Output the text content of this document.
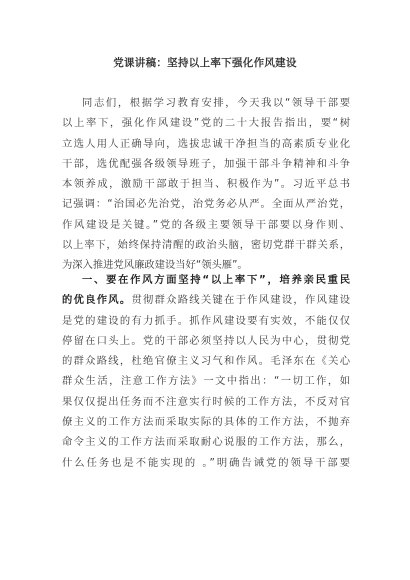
党课讲稿：坚持以上率下强化作风建设
同志们，根据学习教育安排，今天我以“领导干部要
以上率下，强化作风建设”党的二十大报告指出，要“树
立选人用人正确导向，选拔忠诚干净担当的高素质专业化
干部，选优配强各级领导班子，加强干部斗争精神和斗争
本领养成，激励干部敢于担当、积极作为”。习近平总书
记强调：“治国必先治党，治党务必从严。全面从严治党，
作风建设是关键。”党的各级主要领导干部要以身作则、
以上率下，始终保持清醒的政治头脑，密切党群干群关系，
为深入推进党风廉政建设当好“领头雁”。
一、要在作风方面坚持“以上率下”，培养亲民重民
的优良作风。贯彻群众路线关键在于作风建设，作风建设
是党的建设的有力抓手。抓作风建设要有实效，不能仅仅
停留在口头上。党的干部必须坚持以人民为中心，贯彻党
的群众路线，杜绝官僚主义习气和作风。毛泽东在《关心
群众生活，注意工作方法》一文中指出：“一切工作，如
果仅仅提出任务而不注意实行时候的工作方法，不反对官
僚主义的工作方法而采取实际的具体的工作方法，不抛弃
命令主义的工作方法而采取耐心说服的工作方法，那么，
什么任务也是不能实现的 。”明确告诫党的领导干部要
